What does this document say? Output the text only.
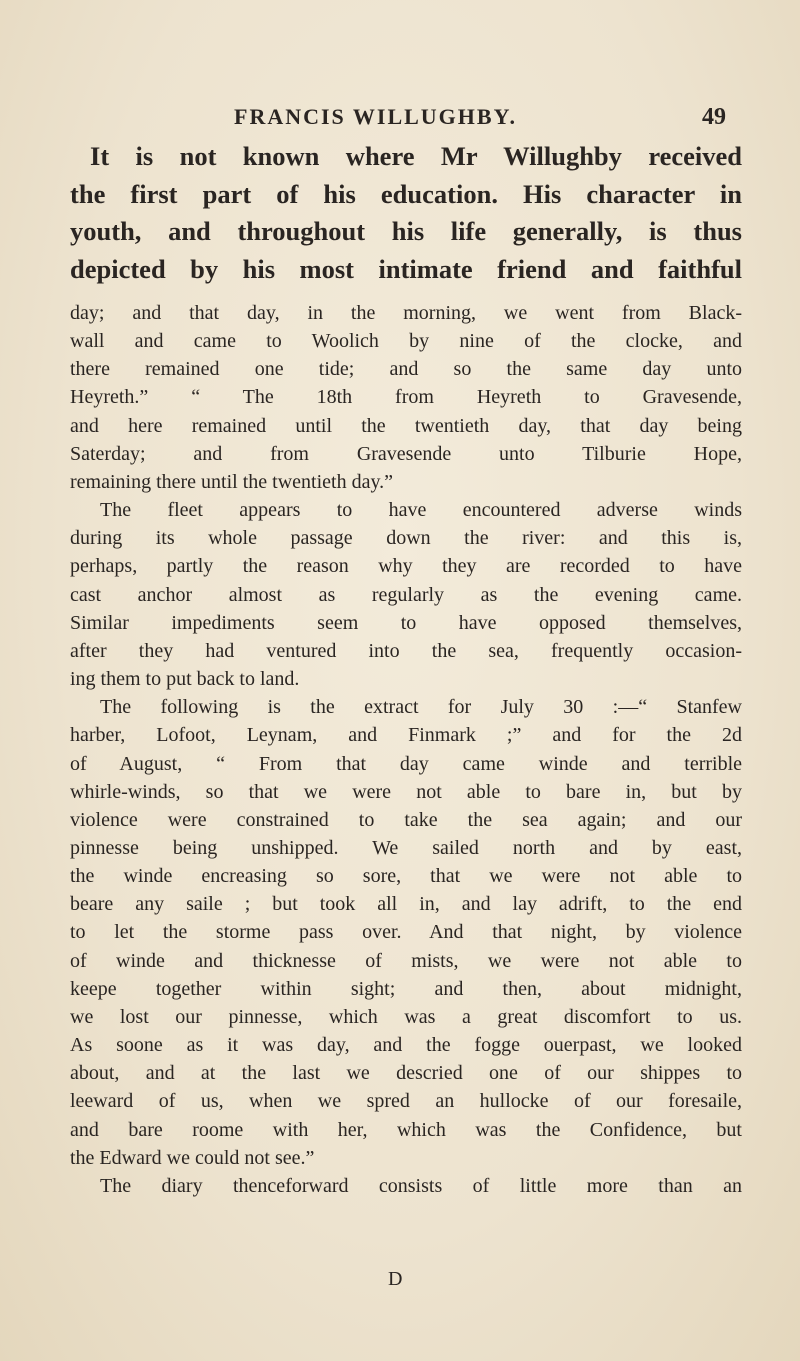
FRANCIS WILLUGHBY.	49
It is not known where Mr Willughby received
the first part of his education. His character in
youth, and throughout his life generally, is thus
depicted by his most intimate friend and faithful
day; and that day, in the morning, we went from Black-
wall and came to Woolich by nine of the clocke, and
there remained one tide; and so the same day unto
Heyreth.” “ The 18th from Heyreth to Gravesende,
and here remained until the twentieth day, that day being
Saterday; and from Gravesende unto Tilburie Hope,
remaining there until the twentieth day.”
The fleet appears to have encountered adverse winds
during its whole passage down the river: and this is,
perhaps, partly the reason why they are recorded to have
cast anchor almost as regularly as the evening came.
Similar impediments seem to have opposed themselves,
after they had ventured into the sea, frequently occasion-
ing them to put back to land.
The following is the extract for July 30 :—“ Stanfew
harber, Lofoot, Leynam, and Finmark ;” and for the 2d
of August, “ From that day came winde and terrible
whirle-winds, so that we were not able to bare in, but by
violence were constrained to take the sea again; and our
pinnesse being unshipped. We sailed north and by east,
the winde encreasing so sore, that we were not able to
beare any saile ; but took all in, and lay adrift, to the end
to let the storme pass over. And that night, by violence
of winde and thicknesse of mists, we were not able to
keepe together within sight; and then, about midnight,
we lost our pinnesse, which was a great discomfort to us.
As soone as it was day, and the fogge ouerpast, we looked
about, and at the last we descried one of our shippes to
leeward of us, when we spred an hullocke of our foresaile,
and bare roome with her, which was the Confidence, but
the Edward we could not see.”
The diary thenceforward consists of little more than an
D
